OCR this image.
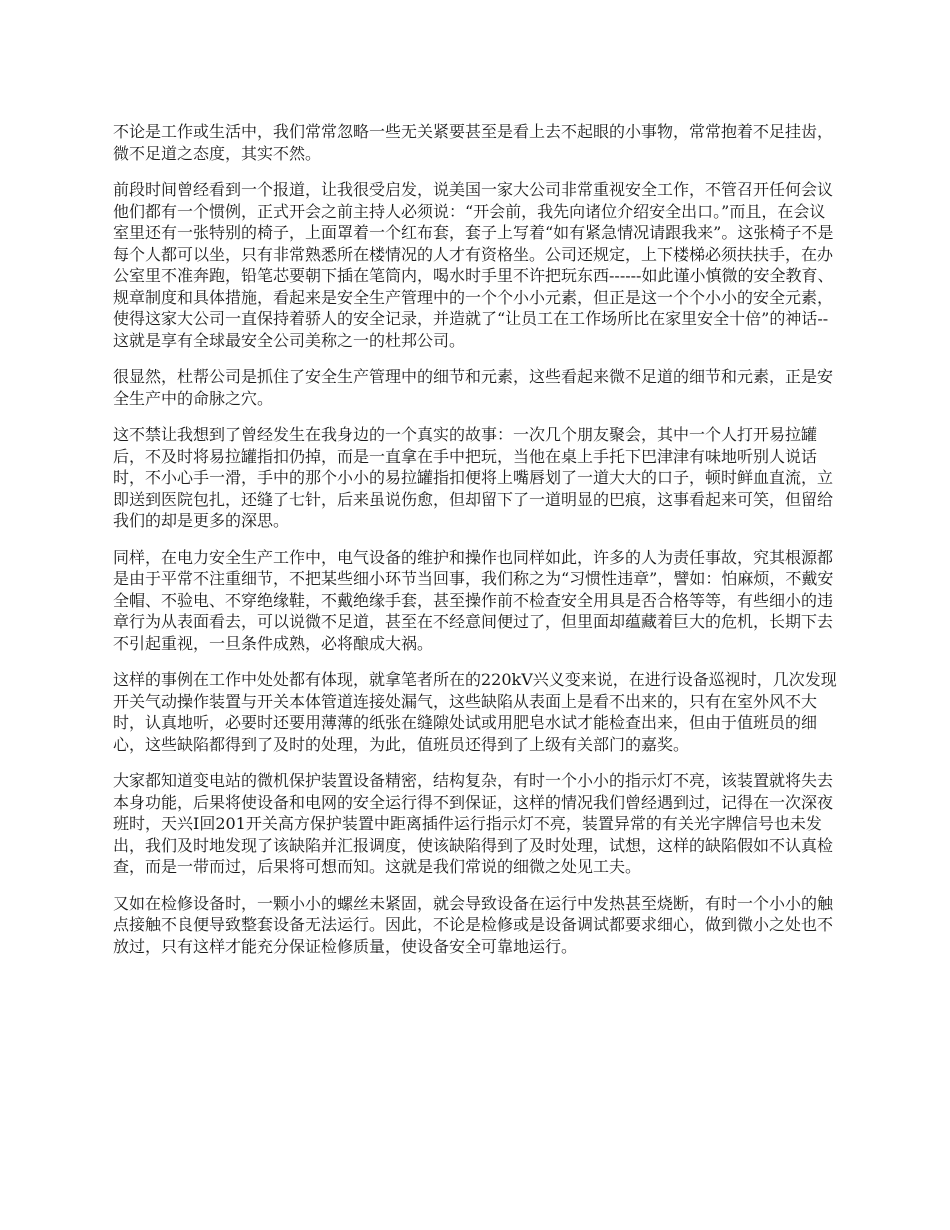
不论是工作或生活中，我们常常忽略一些无关紧要甚至是看上去不起眼的小事物，常常抱着不足挂齿，微不足道之态度，其实不然。

前段时间曾经看到一个报道，让我很受启发，说美国一家大公司非常重视安全工作，不管召开任何会议他们都有一个惯例，正式开会之前主持人必须说：“开会前，我先向诸位介绍安全出口。”而且，在会议室里还有一张特别的椅子，上面罩着一个红布套，套子上写着“如有紧急情况请跟我来”。这张椅子不是每个人都可以坐，只有非常熟悉所在楼情况的人才有资格坐。公司还规定，上下楼梯必须扶扶手，在办公室里不准奔跑，铅笔芯要朝下插在笔筒内，喝水时手里不许把玩东西------如此谨小慎微的安全教育、规章制度和具体措施，看起来是安全生产管理中的一个个小小元素，但正是这一个个小小的安全元素，使得这家大公司一直保持着骄人的安全记录，并造就了“让员工在工作场所比在家里安全十倍”的神话--这就是享有全球最安全公司美称之一的杜邦公司。

很显然，杜帮公司是抓住了安全生产管理中的细节和元素，这些看起来微不足道的细节和元素，正是安全生产中的命脉之穴。

这不禁让我想到了曾经发生在我身边的一个真实的故事：一次几个朋友聚会，其中一个人打开易拉罐后，不及时将易拉罐指扣仍掉，而是一直拿在手中把玩，当他在桌上手托下巴津津有味地听别人说话时，不小心手一滑，手中的那个小小的易拉罐指扣便将上嘴唇划了一道大大的口子，顿时鲜血直流，立即送到医院包扎，还缝了七针，后来虽说伤愈，但却留下了一道明显的巴痕，这事看起来可笑，但留给我们的却是更多的深思。

同样，在电力安全生产工作中，电气设备的维护和操作也同样如此，许多的人为责任事故，究其根源都是由于平常不注重细节，不把某些细小环节当回事，我们称之为“习惯性违章”，譬如：怕麻烦，不戴安全帽、不验电、不穿绝缘鞋，不戴绝缘手套，甚至操作前不检查安全用具是否合格等等，有些细小的违章行为从表面看去，可以说微不足道，甚至在不经意间便过了，但里面却蕴藏着巨大的危机，长期下去不引起重视，一旦条件成熟，必将酿成大祸。

这样的事例在工作中处处都有体现，就拿笔者所在的220kV兴义变来说，在进行设备巡视时，几次发现开关气动操作装置与开关本体管道连接处漏气，这些缺陷从表面上是看不出来的，只有在室外风不大时，认真地听，必要时还要用薄薄的纸张在缝隙处试或用肥皂水试才能检查出来，但由于值班员的细心，这些缺陷都得到了及时的处理，为此，值班员还得到了上级有关部门的嘉奖。

大家都知道变电站的微机保护装置设备精密，结构复杂，有时一个小小的指示灯不亮，该装置就将失去本身功能，后果将使设备和电网的安全运行得不到保证，这样的情况我们曾经遇到过，记得在一次深夜班时，天兴Ⅰ回201开关高方保护装置中距离插件运行指示灯不亮，装置异常的有关光字牌信号也未发出，我们及时地发现了该缺陷并汇报调度，使该缺陷得到了及时处理，试想，这样的缺陷假如不认真检查，而是一带而过，后果将可想而知。这就是我们常说的细微之处见工夫。

又如在检修设备时，一颗小小的螺丝未紧固，就会导致设备在运行中发热甚至烧断，有时一个小小的触点接触不良便导致整套设备无法运行。因此，不论是检修或是设备调试都要求细心，做到微小之处也不放过，只有这样才能充分保证检修质量，使设备安全可靠地运行。
